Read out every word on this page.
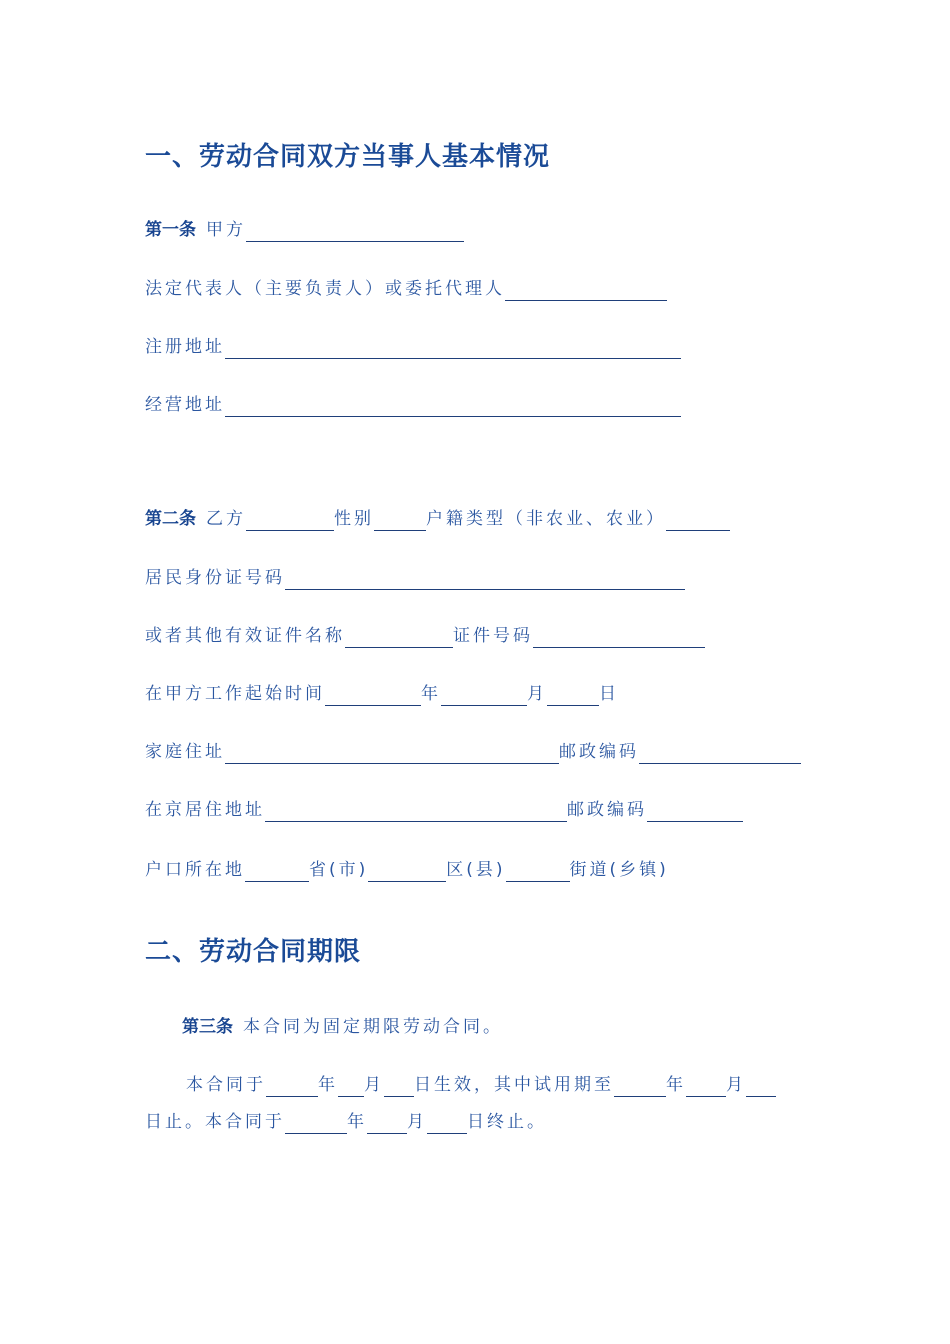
一、劳动合同双方当事人基本情况
第一条 甲方
法定代表人（主要负责人）或委托代理人
注册地址
经营地址
第二条 乙方	性别	户籍类型（非农业、农业）
居民身份证号码
或者其他有效证件名称	证件号码
在甲方工作起始时间	年	月	日
家庭住址	邮政编码
在京居住地址	邮政编码
户口所在地	省(市)	区(县)	街道(乡镇)
二、劳动合同期限
第三条 本合同为固定期限劳动合同。
本合同于	年 月 日生效，其中试用期至	年 月
日止。本合同于	年 月 日终止。
